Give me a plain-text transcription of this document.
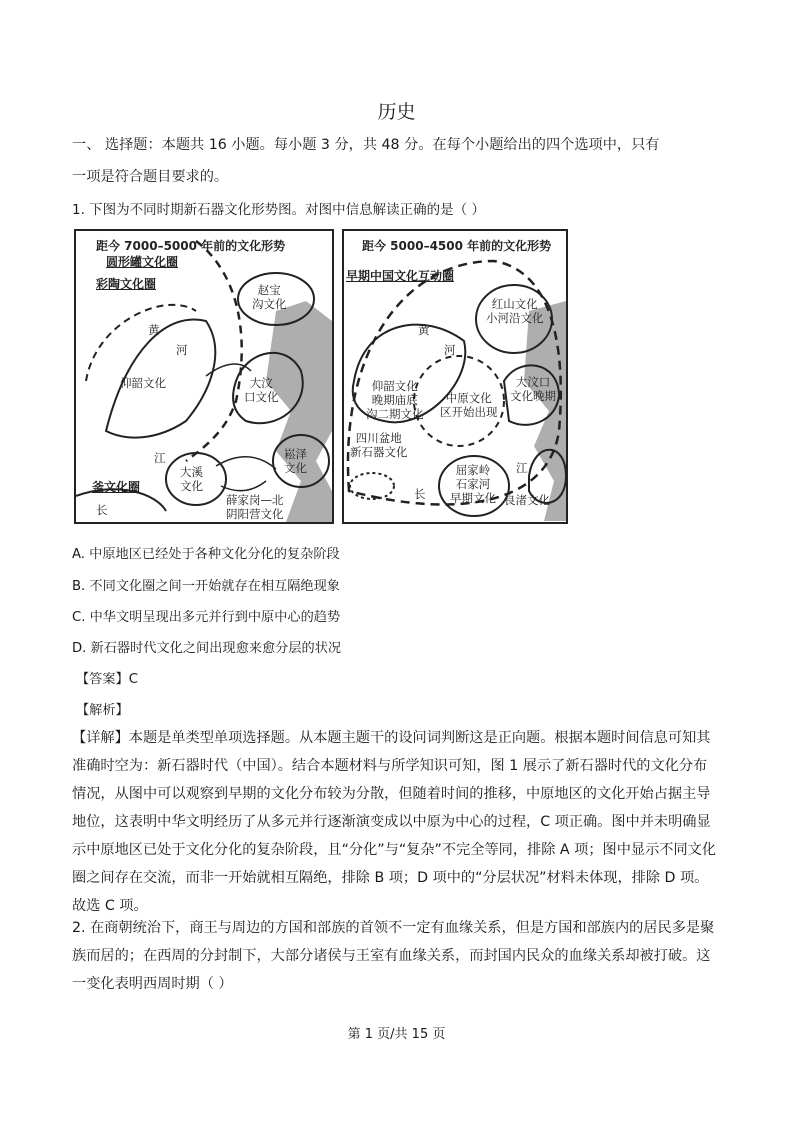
历史
一、 选择题：本题共 16 小题。每小题 3 分，共 48 分。在每个小题给出的四个选项中，只有
一项是符合题目要求的。
1. 下图为不同时期新石器文化形势图。对图中信息解读正确的是（ ）
距今 7000–5000 年前的文化形势
圆形罐文化圈
彩陶文化圈
黄
河
赵宝
沟文化
仰韶文化	大汶
口文化
江
大溪
文化
崧泽
文化
薛家岗—北
阴阳营文化
釜文化圈
长
距今 5000–4500 年前的文化形势
早期中国文化互动圈
红山文化
小河沿文化
黄
河
仰韶文化
晚期庙底
沟二期文化
中原文化
区开始出现
大汶口
文化晚期
四川盆地
新石器文化
屈家岭
石家河
早期文化
江
长	良渚文化
A. 中原地区已经处于各种文化分化的复杂阶段
B. 不同文化圈之间一开始就存在相互隔绝现象
C. 中华文明呈现出多元并行到中原中心的趋势
D. 新石器时代文化之间出现愈来愈分层的状况
【答案】C
【解析】

【详解】本题是单类型单项选择题。从本题主题干的设问词判断这是正向题。根据本题时间信息可知其准确时空为：新石器时代（中国）。结合本题材料与所学知识可知，图 1 展示了新石器时代的文化分布情况，从图中可以观察到早期的文化分布较为分散，但随着时间的推移，中原地区的文化开始占据主导地位，这表明中华文明经历了从多元并行逐渐演变成以中原为中心的过程，C 项正确。图中并未明确显示中原地区已处于文化分化的复杂阶段，且“分化”与“复杂”不完全等同，排除 A 项；图中显示不同文化圈之间存在交流，而非一开始就相互隔绝，排除 B 项；D 项中的“分层状况”材料未体现，排除 D 项。故选 C 项。

2. 在商朝统治下，商王与周边的方国和部族的首领不一定有血缘关系，但是方国和部族内的居民多是聚族而居的；在西周的分封制下，大部分诸侯与王室有血缘关系，而封国内民众的血缘关系却被打破。这一变化表明西周时期（ ）

第 1 页/共 15 页
